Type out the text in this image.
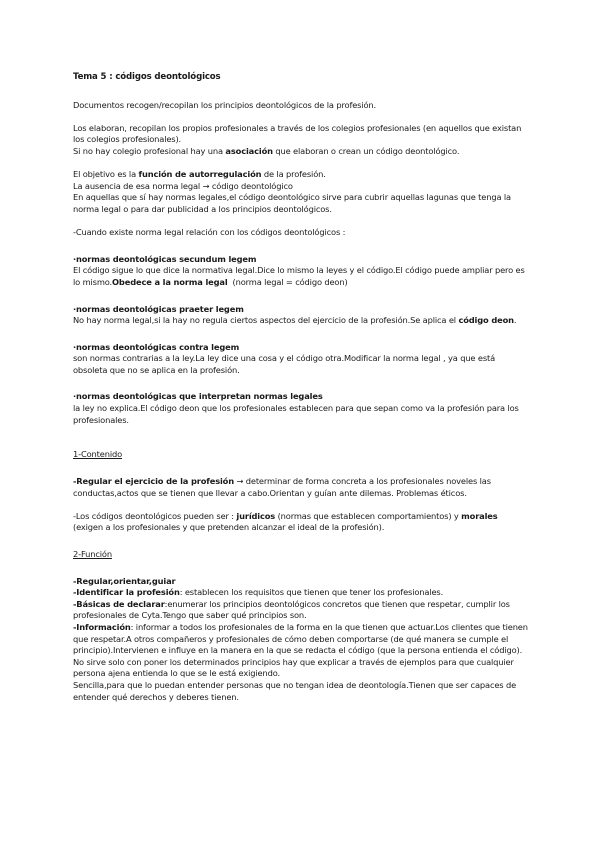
Tema 5 : códigos deontológicos

Documentos recogen/recopilan los principios deontológicos de la profesión.

Los elaboran, recopilan los propios profesionales a través de los colegios profesionales (en aquellos que existan los colegios profesionales).

Si no hay colegio profesional hay una asociación que elaboran o crean un código deontológico.

El objetivo es la función de autorregulación de la profesión.

La ausencia de esa norma legal → código deontológico

En aquellas que sí hay normas legales,el código deontológico sirve para cubrir aquellas lagunas que tenga la norma legal o para dar publicidad a los principios deontológicos.

-Cuando existe norma legal relación con los códigos deontológicos :

·normas deontológicas secundum legem

El código sigue lo que dice la normativa legal.Dice lo mismo la leyes y el código.El código puede ampliar pero es lo mismo.Obedece a la norma legal  (norma legal = código deon)

·normas deontológicas praeter legem

No hay norma legal,si la hay no regula ciertos aspectos del ejercicio de la profesión.Se aplica el código deon.

·normas deontológicas contra legem

son normas contrarias a la ley.La ley dice una cosa y el código otra.Modificar la norma legal , ya que está obsoleta que no se aplica en la profesión.

·normas deontológicas que interpretan normas legales

la ley no explica.El código deon que los profesionales establecen para que sepan como va la profesión para los profesionales.

1-Contenido

-Regular el ejercicio de la profesión → determinar de forma concreta a los profesionales noveles las conductas,actos que se tienen que llevar a cabo.Orientan y guían ante dilemas. Problemas éticos.

-Los códigos deontológicos pueden ser : jurídicos (normas que establecen comportamientos) y morales (exigen a los profesionales y que pretenden alcanzar el ideal de la profesión).

2-Función

-Regular,orientar,guiar

-Identificar la profesión: establecen los requisitos que tienen que tener los profesionales.

-Básicas de declarar:enumerar los principios deontológicos concretos que tienen que respetar, cumplir los profesionales de Cyta.Tengo que saber qué principios son.

-Información: informar a todos los profesionales de la forma en la que tienen que actuar.Los clientes que tienen que respetar.A otros compañeros y profesionales de cómo deben comportarse (de qué manera se cumple el principio).Intervienen e influye en la manera en la que se redacta el código (que la persona entienda el código). No sirve solo con poner los determinados principios hay que explicar a través de ejemplos para que cualquier persona ajena entienda lo que se le está exigiendo.

Sencilla,para que lo puedan entender personas que no tengan idea de deontología.Tienen que ser capaces de entender qué derechos y deberes tienen.
